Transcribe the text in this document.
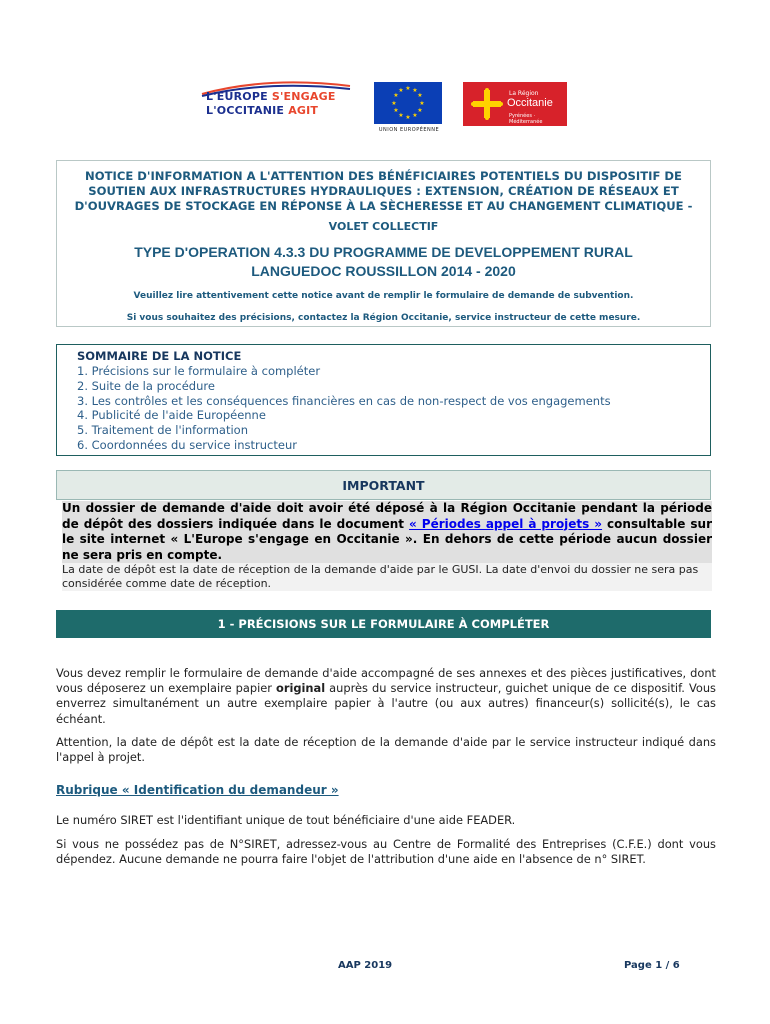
L'EUROPE S'ENGAGE
L'OCCITANIE AGIT
★ ★
★
★
★
★
★
★
★
★
★
★
UNION EUROPÉENNE
La Région
Occitanie
Pyrénées · Méditerranée
NOTICE D'INFORMATION A L'ATTENTION DES BÉNÉFICIAIRES POTENTIELS DU DISPOSITIF DE
SOUTIEN AUX INFRASTRUCTURES HYDRAULIQUES : EXTENSION, CRÉATION DE RÉSEAUX ET
D'OUVRAGES DE STOCKAGE EN RÉPONSE À LA SÈCHERESSE ET AU CHANGEMENT CLIMATIQUE -
VOLET COLLECTIF
TYPE D'OPERATION 4.3.3 DU PROGRAMME DE DEVELOPPEMENT RURAL
LANGUEDOC ROUSSILLON 2014 - 2020
Veuillez lire attentivement cette notice avant de remplir le formulaire de demande de subvention.
Si vous souhaitez des précisions, contactez la Région Occitanie, service instructeur de cette mesure.
SOMMAIRE DE LA NOTICE
1. Précisions sur le formulaire à compléter
2. Suite de la procédure
3. Les contrôles et les conséquences financières en cas de non-respect de vos engagements
4. Publicité de l'aide Européenne
5. Traitement de l'information
6. Coordonnées du service instructeur
IMPORTANT
Un dossier de demande d'aide doit avoir été déposé à la Région Occitanie pendant la période de dépôt des dossiers indiquée dans le document « Périodes appel à projets » consultable sur le site internet « L'Europe s'engage en Occitanie ». En dehors de cette période aucun dossier ne sera pris en compte.
La date de dépôt est la date de réception de la demande d'aide par le GUSI. La date d'envoi du dossier ne sera pas considérée comme date de réception.
1 - PRÉCISIONS SUR LE FORMULAIRE À COMPLÉTER

Vous devez remplir le formulaire de demande d'aide accompagné de ses annexes et des pièces justificatives, dont vous déposerez un exemplaire papier original auprès du service instructeur, guichet unique de ce dispositif. Vous enverrez simultanément un autre exemplaire papier à l'autre (ou aux autres) financeur(s) sollicité(s), le cas échéant.

Attention, la date de dépôt est la date de réception de la demande d'aide par le service instructeur indiqué dans l'appel à projet.

Rubrique « Identification du demandeur »

Le numéro SIRET est l'identifiant unique de tout bénéficiaire d'une aide FEADER.

Si vous ne possédez pas de N°SIRET, adressez-vous au Centre de Formalité des Entreprises (C.F.E.) dont vous dépendez. Aucune demande ne pourra faire l'objet de l'attribution d'une aide en l'absence de n° SIRET.

AAP 2019	Page 1 / 6
